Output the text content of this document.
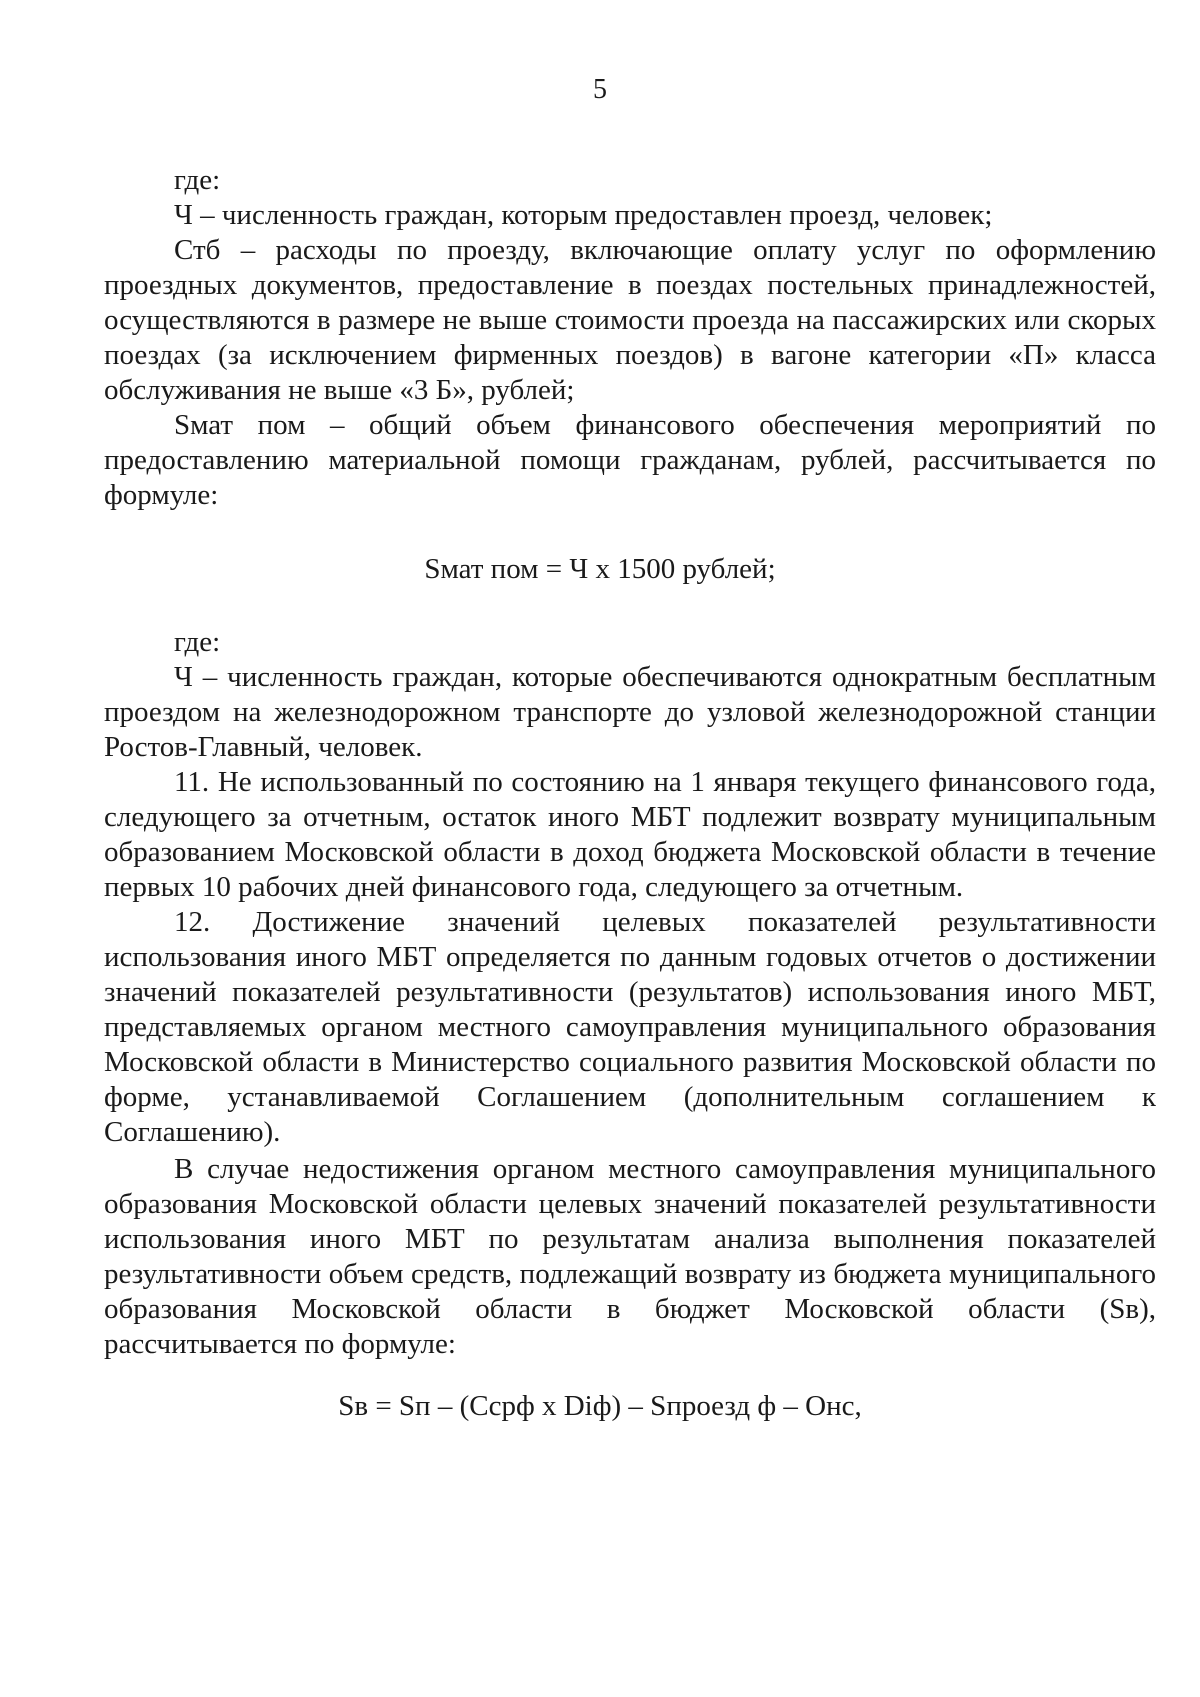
5

где:

Ч – численность граждан, которым предоставлен проезд, человек;

Стб – расходы по проезду, включающие оплату услуг по оформлению проездных документов, предоставление в поездах постельных принадлежностей, осуществляются в размере не выше стоимости проезда на пассажирских или скорых поездах (за исключением фирменных поездов) в вагоне категории «П» класса обслуживания не выше «3 Б», рублей;

Sмат пом – общий объем финансового обеспечения мероприятий по предоставлению материальной помощи гражданам, рублей, рассчитывается по формуле:

Sмат пом = Ч х 1500 рублей;

где:

Ч – численность граждан, которые обеспечиваются однократным бесплатным проездом на железнодорожном транспорте до узловой железнодорожной станции Ростов-Главный, человек.

11. Не использованный по состоянию на 1 января текущего финансового года, следующего за отчетным, остаток иного МБТ подлежит возврату муниципальным образованием Московской области в доход бюджета Московской области в течение первых 10 рабочих дней финансового года, следующего за отчетным.

12. Достижение значений целевых показателей результативности использования иного МБТ определяется по данным годовых отчетов о достижении значений показателей результативности (результатов) использования иного МБТ, представляемых органом местного самоуправления муниципального образования Московской области в Министерство социального развития Московской области по форме, устанавливаемой Соглашением (дополнительным соглашением к Соглашению).

В случае недостижения органом местного самоуправления муниципального образования Московской области целевых значений показателей результативности использования иного МБТ по результатам анализа выполнения показателей результативности объем средств, подлежащий возврату из бюджета муниципального образования Московской области в бюджет Московской области (Sв), рассчитывается по формуле:

Sв = Sп – (Cсрф х Diф) – Sпроезд ф – Онс,
